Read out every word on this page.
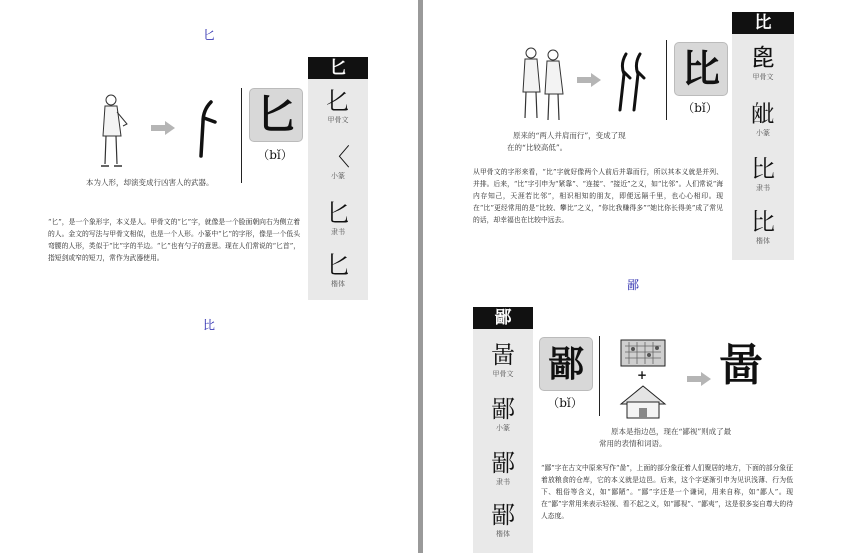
匕
本为人形，却演变成行凶害人的武器。
匕
（bǐ）
“匕”，是一个象形字，本义是人。甲骨文的“匕”字，就像是一个脸面朝向右为侧立着的人。金文的写法与甲骨文相似，也是一个人形。小篆中“匕”的字形，像是一个低头弯腰的人形，类似于“比”字的半边。“匕”也有勺子的意思。现在人们常说的“匕首”，指短剑或窄的短刀，常作为武器使用。
匕
𠤎
甲骨文
〈
小篆
匕
隶书
匕
楷体
比
比
（bǐ）
原来的“两人并肩而行”，变成了现
在的“比较高低”。
从甲骨文的字形来看，“比”字就好像两个人前后并靠而行，所以其本义就是并列、并排。后来，“比”字引申为“紧靠”、“连接”、“接近”之义，如“比邻”。人们常说“海内存知己，天涯若比邻”，相识相知的朋友，即便远隔千里，也心心相印。现在“比”更经常用的是“比较、攀比”之义，“你比我赚得多”“她比你长得美”成了常见的话，却幸福也在比较中远去。
比
𣬉
甲骨文
𣬈
小篆
比
隶书
比
楷体
鄙
鄙
啚
甲骨文
鄙
小篆
鄙
隶书
鄙
楷体
鄙
（bǐ）
+ 啚
原本是指边邑，现在“鄙视”则成了最
常用的表情和词语。
“鄙”字在古文中原来写作“啚”，上面的部分象征着人们聚居的地方，下面的部分象征着放粮食的仓库，它的本义就是边邑。后来，这个字逐渐引申为见识浅薄、行为低下、粗俗等含义，如“鄙陋”。“鄙”字还是一个谦词，用来自称，如“鄙人”。现在“鄙”字常用来表示轻视、看不起之义，如“鄙视”、“鄙夷”，这是很多妄自尊大的待人态度。
